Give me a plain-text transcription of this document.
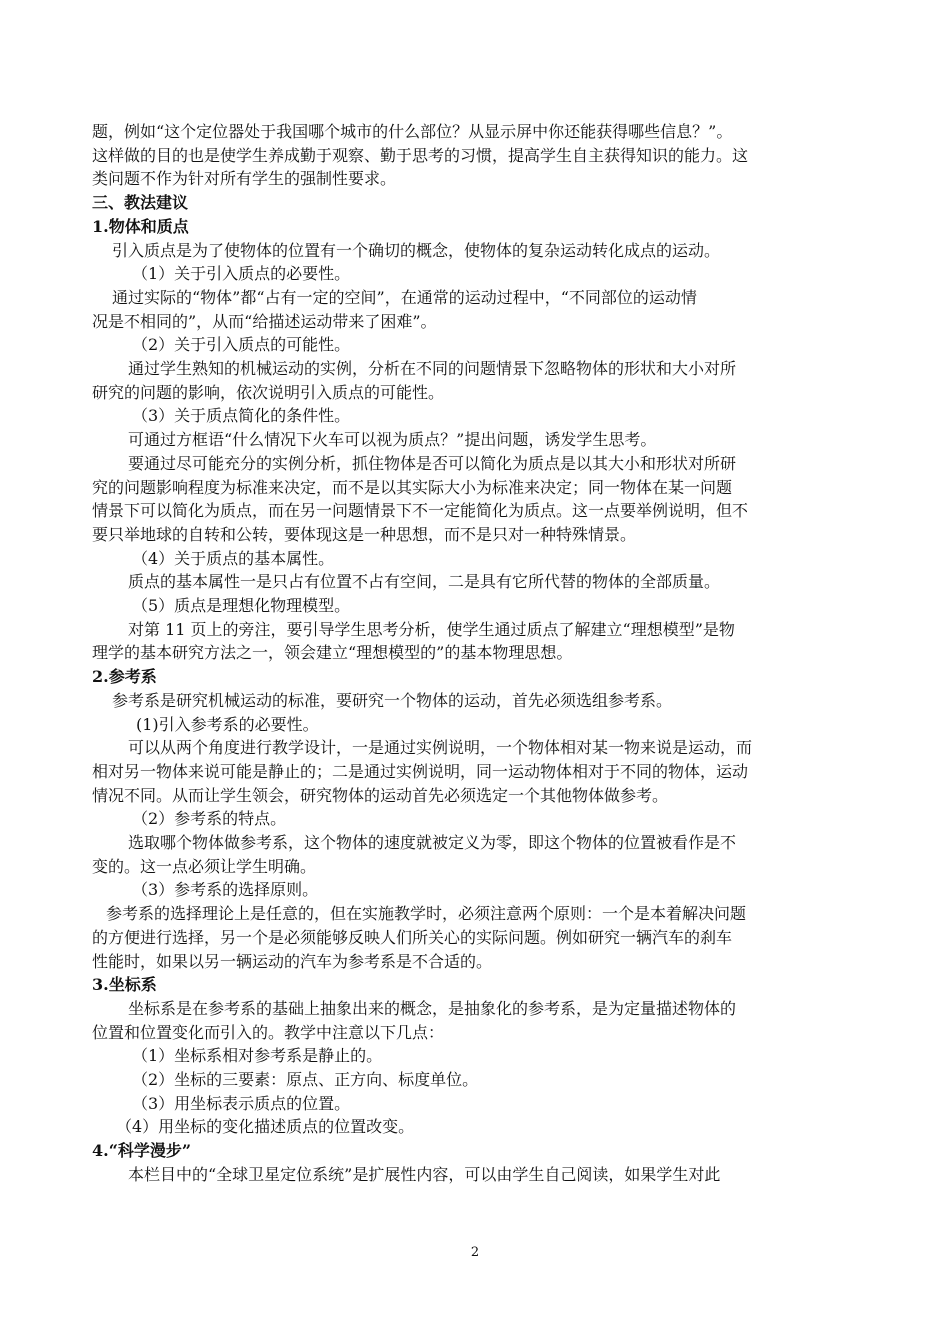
题，例如“这个定位器处于我国哪个城市的什么部位？从显示屏中你还能获得哪些信息？”。
这样做的目的也是使学生养成勤于观察、勤于思考的习惯，提高学生自主获得知识的能力。这
类问题不作为针对所有学生的强制性要求。
三、教法建议
1.物体和质点
引入质点是为了使物体的位置有一个确切的概念，使物体的复杂运动转化成点的运动。
（1）关于引入质点的必要性。
通过实际的“物体”都“占有一定的空间”，在通常的运动过程中，“不同部位的运动情
况是不相同的”，从而“给描述运动带来了困难”。
（2）关于引入质点的可能性。
通过学生熟知的机械运动的实例，分析在不同的问题情景下忽略物体的形状和大小对所
研究的问题的影响，依次说明引入质点的可能性。
（3）关于质点简化的条件性。
可通过方框语“什么情况下火车可以视为质点？”提出问题，诱发学生思考。
要通过尽可能充分的实例分析，抓住物体是否可以简化为质点是以其大小和形状对所研
究的问题影响程度为标准来决定，而不是以其实际大小为标准来决定；同一物体在某一问题
情景下可以简化为质点，而在另一问题情景下不一定能简化为质点。这一点要举例说明，但不
要只举地球的自转和公转，要体现这是一种思想，而不是只对一种特殊情景。
（4）关于质点的基本属性。
质点的基本属性一是只占有位置不占有空间，二是具有它所代替的物体的全部质量。
（5）质点是理想化物理模型。
对第 11 页上的旁注，要引导学生思考分析，使学生通过质点了解建立“理想模型”是物
理学的基本研究方法之一，领会建立“理想模型的”的基本物理思想。
2.参考系
参考系是研究机械运动的标准，要研究一个物体的运动，首先必须选组参考系。
(1)引入参考系的必要性。
可以从两个角度进行教学设计，一是通过实例说明，一个物体相对某一物来说是运动，而
相对另一物体来说可能是静止的；二是通过实例说明，同一运动物体相对于不同的物体，运动
情况不同。从而让学生领会，研究物体的运动首先必须选定一个其他物体做参考。
（2）参考系的特点。
选取哪个物体做参考系，这个物体的速度就被定义为零，即这个物体的位置被看作是不
变的。这一点必须让学生明确。
（3）参考系的选择原则。
参考系的选择理论上是任意的，但在实施教学时，必须注意两个原则：一个是本着解决问题
的方便进行选择，另一个是必须能够反映人们所关心的实际问题。例如研究一辆汽车的刹车
性能时，如果以另一辆运动的汽车为参考系是不合适的。
3.坐标系
坐标系是在参考系的基础上抽象出来的概念，是抽象化的参考系，是为定量描述物体的
位置和位置变化而引入的。教学中注意以下几点：
（1）坐标系相对参考系是静止的。
（2）坐标的三要素：原点、正方向、标度单位。
（3）用坐标表示质点的位置。
（4）用坐标的变化描述质点的位置改变。
4.“科学漫步”
本栏目中的“全球卫星定位系统”是扩展性内容，可以由学生自己阅读，如果学生对此
2
